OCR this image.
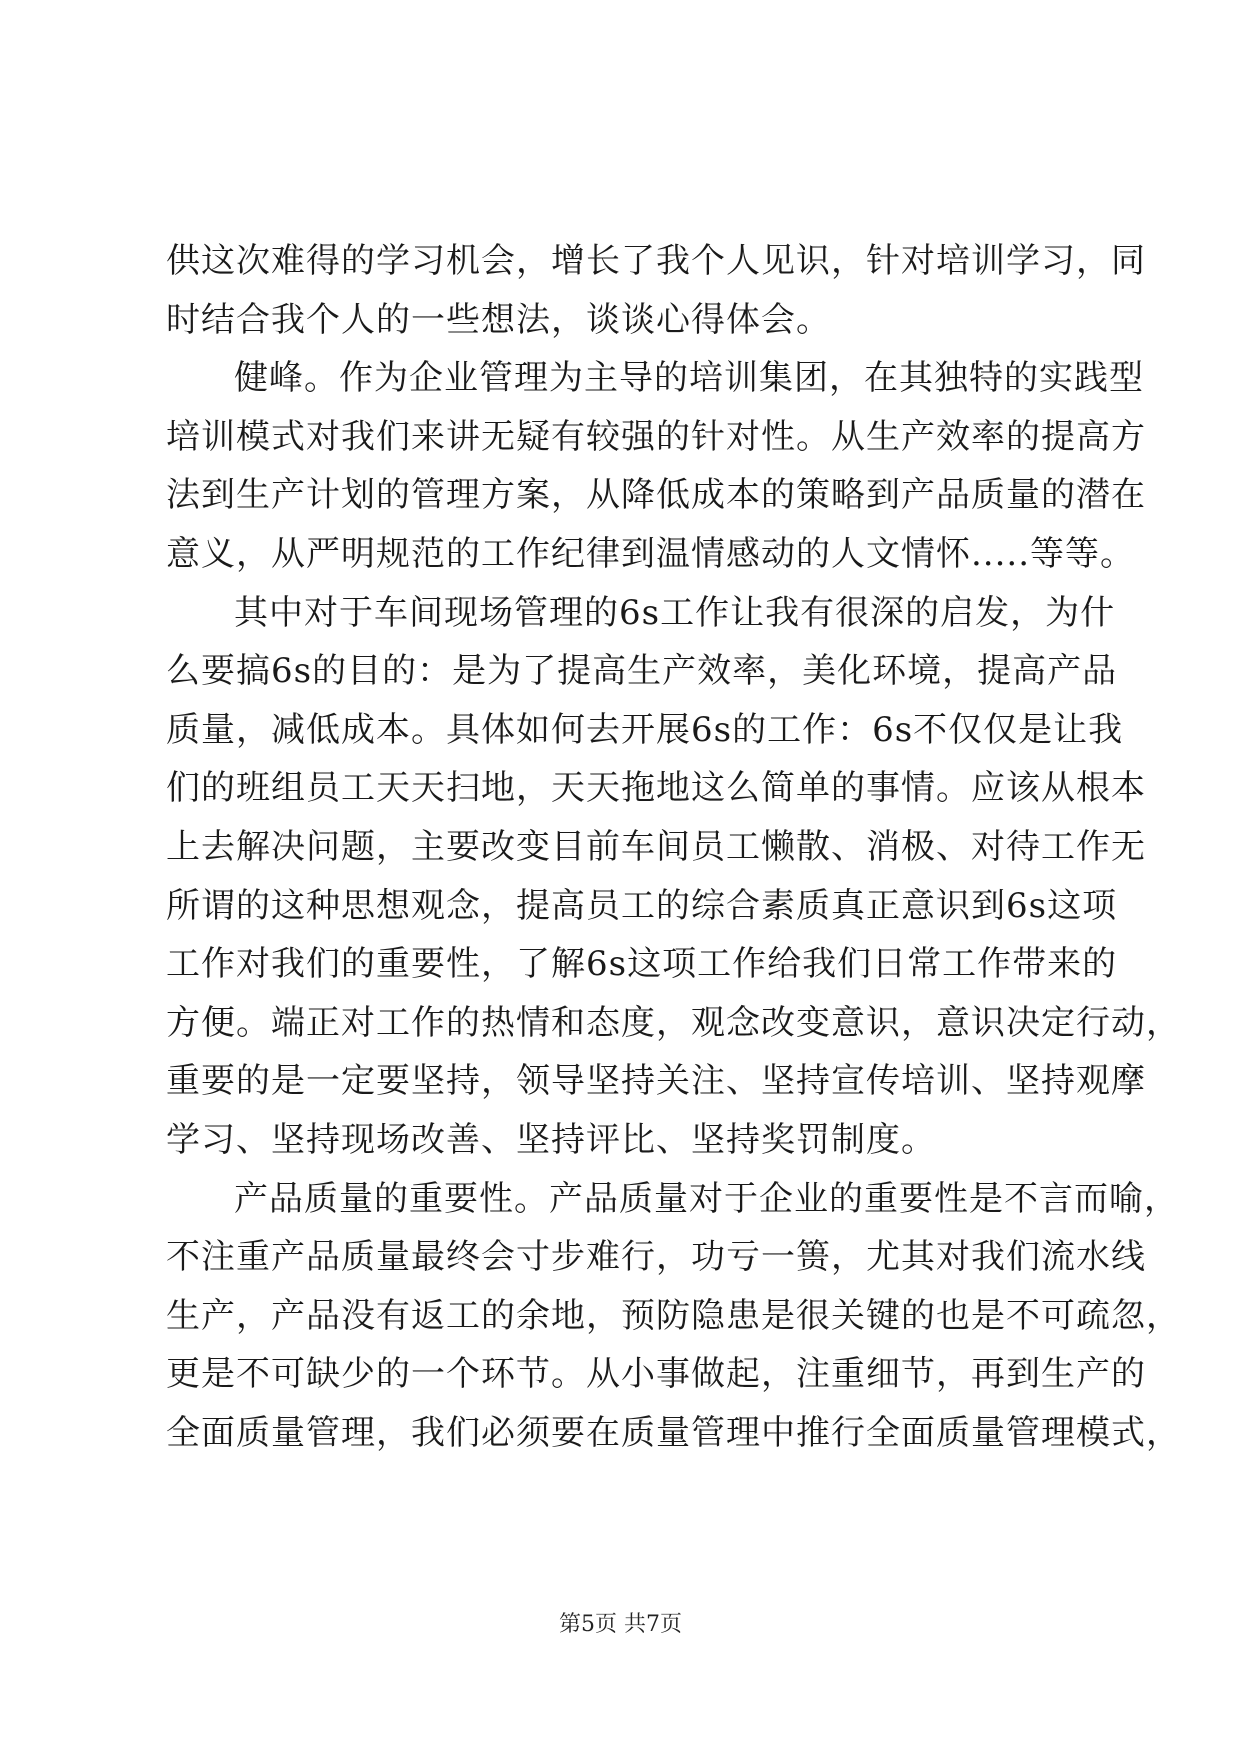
供这次难得的学习机会，增长了我个人见识，针对培训学习，同
时结合我个人的一些想法，谈谈心得体会。

健峰。作为企业管理为主导的培训集团，在其独特的实践型
培训模式对我们来讲无疑有较强的针对性。从生产效率的提高方
法到生产计划的管理方案，从降低成本的策略到产品质量的潜在
意义，从严明规范的工作纪律到温情感动的人文情怀.....等等。

其中对于车间现场管理的6s工作让我有很深的启发，为什
么要搞6s的目的：是为了提高生产效率，美化环境，提高产品
质量，减低成本。具体如何去开展6s的工作：6s不仅仅是让我
们的班组员工天天扫地，天天拖地这么简单的事情。应该从根本
上去解决问题，主要改变目前车间员工懒散、消极、对待工作无
所谓的这种思想观念，提高员工的综合素质真正意识到6s这项
工作对我们的重要性，了解6s这项工作给我们日常工作带来的
方便。端正对工作的热情和态度，观念改变意识，意识决定行动，
重要的是一定要坚持，领导坚持关注、坚持宣传培训、坚持观摩
学习、坚持现场改善、坚持评比、坚持奖罚制度。

产品质量的重要性。产品质量对于企业的重要性是不言而喻，
不注重产品质量最终会寸步难行，功亏一篑，尤其对我们流水线
生产，产品没有返工的余地，预防隐患是很关键的也是不可疏忽，
更是不可缺少的一个环节。从小事做起，注重细节，再到生产的
全面质量管理，我们必须要在质量管理中推行全面质量管理模式，

第5页 共7页
